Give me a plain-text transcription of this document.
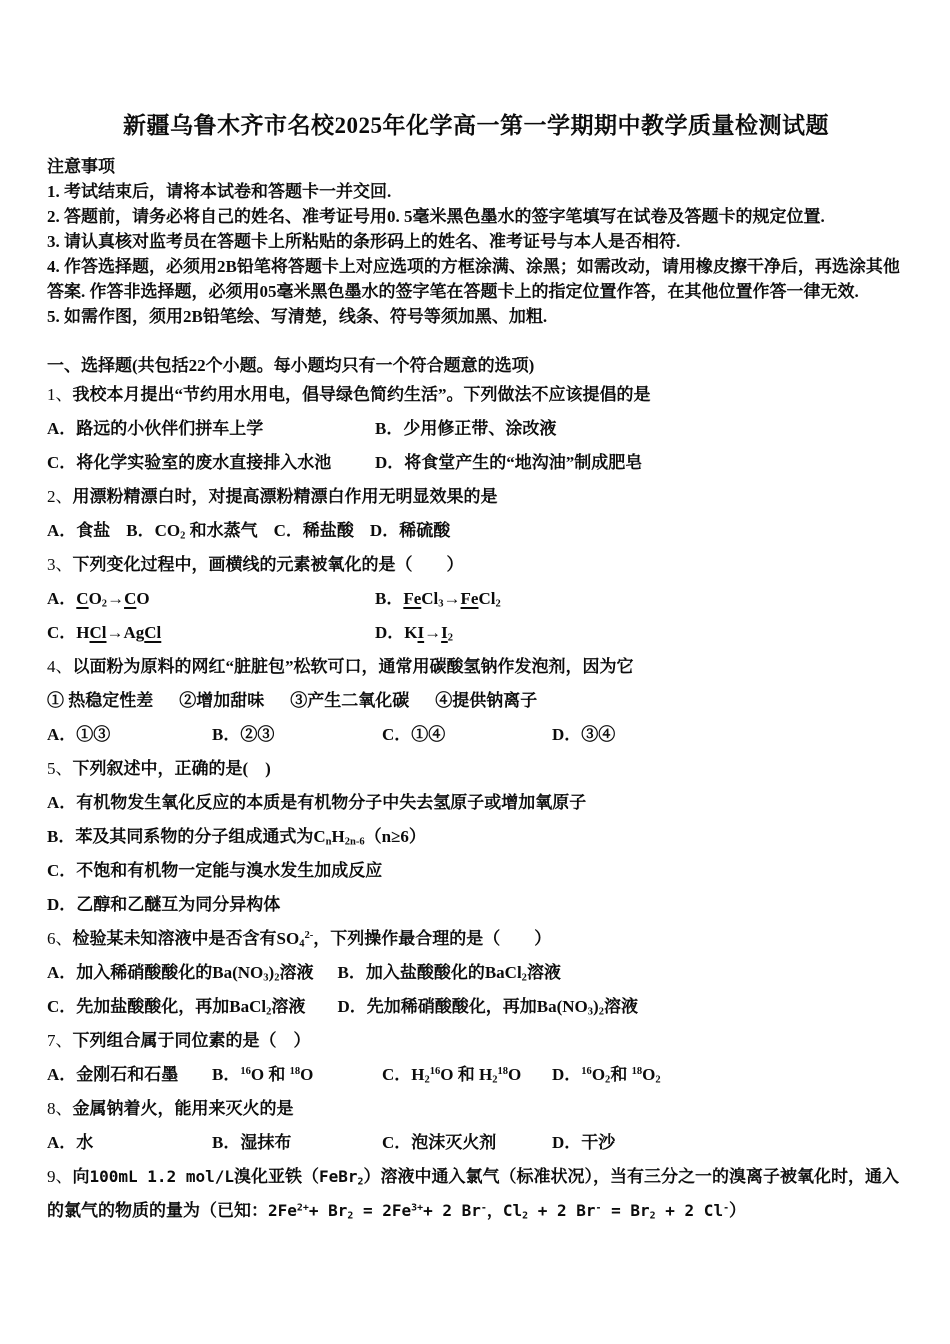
新疆乌鲁木齐市名校2025年化学高一第一学期期中教学质量检测试题

注意事项

1. 考试结束后，请将本试卷和答题卡一并交回.

2. 答题前，请务必将自己的姓名、准考证号用0. 5毫米黑色墨水的签字笔填写在试卷及答题卡的规定位置.

3. 请认真核对监考员在答题卡上所粘贴的条形码上的姓名、准考证号与本人是否相符.

4. 作答选择题，必须用2B铅笔将答题卡上对应选项的方框涂满、涂黑；如需改动，请用橡皮擦干净后，再选涂其他答案. 作答非选择题，必须用05毫米黑色墨水的签字笔在答题卡上的指定位置作答，在其他位置作答一律无效.

5. 如需作图，须用2B铅笔绘、写清楚，线条、符号等须加黑、加粗.

一、选择题(共包括22个小题。每小题均只有一个符合题意的选项)

1、我校本月提出“节约用水用电，倡导绿色简约生活”。下列做法不应该提倡的是

A．路远的小伙伴们拼车上学	B．少用修正带、涂改液

C．将化学实验室的废水直接排入水池	D．将食堂产生的“地沟油”制成肥皂

2、用漂粉精漂白时，对提高漂粉精漂白作用无明显效果的是

A．食盐 B．$CO_2$ 和水蒸气 C．稀盐酸 D．稀硫酸

3、下列变化过程中，画横线的元素被氧化的是（　　）

A．$CO_2\to CO$	B．FeCl$_3$→FeCl$_2$

C．HCl→AgCl	D．$KI\to I_2$

4、以面粉为原料的网红“脏脏包”松软可口，通常用碳酸氢钠作发泡剂，因为它

① 热稳定性差 ②增加甜味 ③产生二氧化碳 ④提供钠离子

A．①③	B．②③	C．①④	D．③④

5、下列叙述中，正确的是(　)

A．有机物发生氧化反应的本质是有机物分子中失去氢原子或增加氧原子

B．苯及其同系物的分子组成通式为$C_nH_{2n-6}(n\ge 6)$

C．不饱和有机物一定能与溴水发生加成反应

D．乙醇和乙醚互为同分异构体

6、检验某未知溶液中是否含有$SO_4^{2-}$，下列操作最合理的是（　　）

A．加入稀硝酸酸化的$Ba(NO_3)_2$溶液 B．加入盐酸酸化的BaCl$_2$溶液

C．先加盐酸酸化，再加BaCl$_2$溶液	D．先加稀硝酸酸化，再加$Ba(NO_3)_2$溶液

7、下列组合属于同位素的是（　）

A．金刚石和石墨	B．$^{16}$O 和 $^{18}$O	C．$H_2^{16}O$ 和 $H_2^{18}O$	D．$^{16}O_2$和 $^{18}O_2$

8、金属钠着火，能用来灭火的是

A．水	B．湿抹布	C．泡沫灭火剂	D．干沙

9、向100mL 1.2 mol/L溴化亚铁（FeBr$_2$）溶液中通入氯气（标准状况），当有三分之一的溴离子被氧化时，通入的氯气的物质的量为（已知：$2Fe^{2+}+ Br_2 = 2Fe^{3+}+ 2$ Br-，$Cl_2 + 2$ $Br^- = Br_2 + 2$ Cl-）
